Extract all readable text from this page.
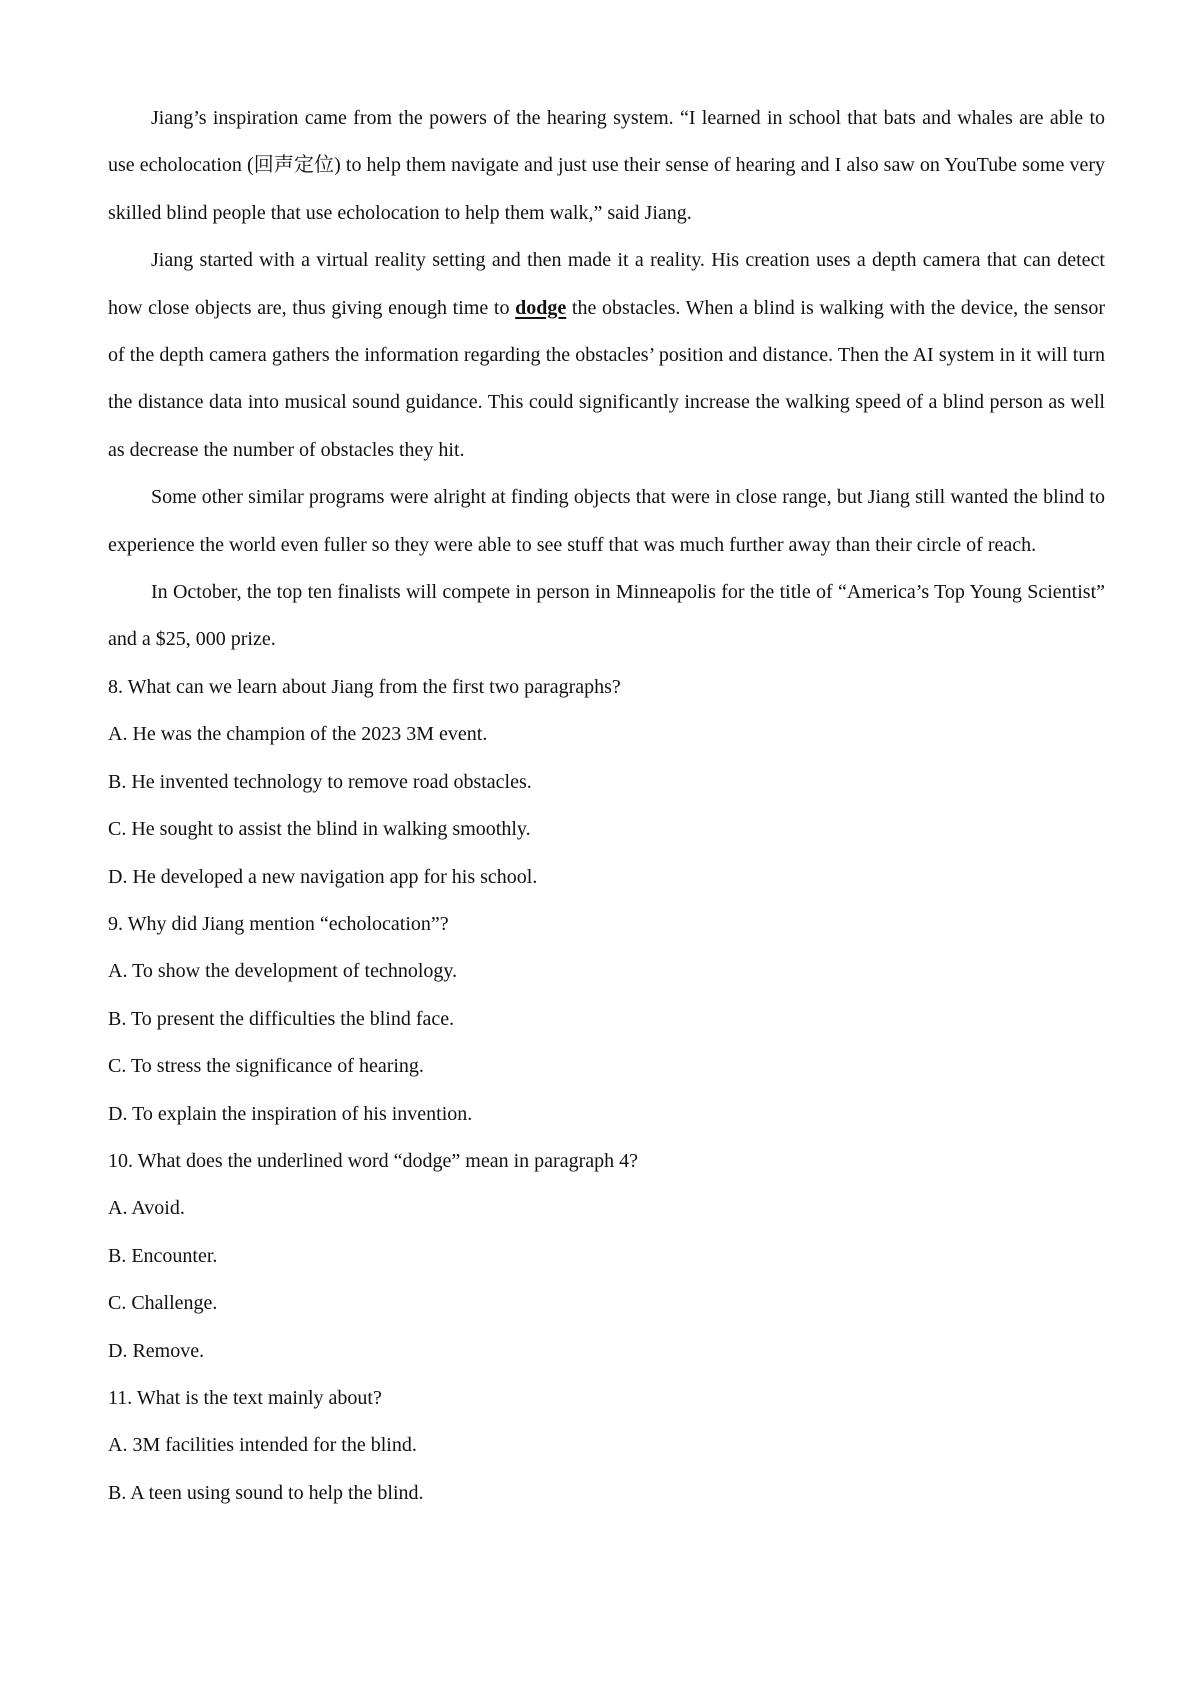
Jiang’s inspiration came from the powers of the hearing system. “I learned in school that bats and whales are able to use echolocation (回声定位) to help them navigate and just use their sense of hearing and I also saw on YouTube some very skilled blind people that use echolocation to help them walk,” said Jiang.

Jiang started with a virtual reality setting and then made it a reality. His creation uses a depth camera that can detect how close objects are, thus giving enough time to dodge the obstacles. When a blind is walking with the device, the sensor of the depth camera gathers the information regarding the obstacles’ position and distance. Then the AI system in it will turn the distance data into musical sound guidance. This could significantly increase the walking speed of a blind person as well as decrease the number of obstacles they hit.

Some other similar programs were alright at finding objects that were in close range, but Jiang still wanted the blind to experience the world even fuller so they were able to see stuff that was much further away than their circle of reach.

In October, the top ten finalists will compete in person in Minneapolis for the title of “America’s Top Young Scientist” and a $25, 000 prize.

8. What can we learn about Jiang from the first two paragraphs?

A. He was the champion of the 2023 3M event.

B. He invented technology to remove road obstacles.

C. He sought to assist the blind in walking smoothly.

D. He developed a new navigation app for his school.

9. Why did Jiang mention “echolocation”?

A. To show the development of technology.

B. To present the difficulties the blind face.

C. To stress the significance of hearing.

D. To explain the inspiration of his invention.

10. What does the underlined word “dodge” mean in paragraph 4?

A. Avoid.

B. Encounter.

C. Challenge.

D. Remove.

11. What is the text mainly about?

A. 3M facilities intended for the blind.

B. A teen using sound to help the blind.
